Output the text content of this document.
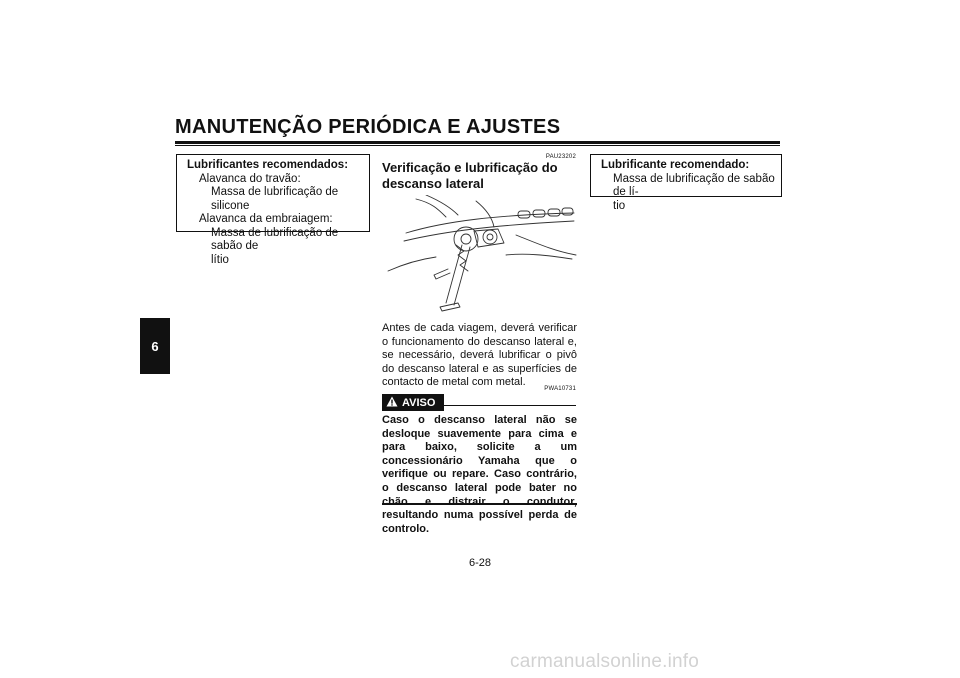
MANUTENÇÃO PERIÓDICA E AJUSTES
6
Lubrificantes recomendados:
Alavanca do travão:
Massa de lubrificação de silicone
Alavanca da embraiagem:
Massa de lubrificação de sabão de
lítio
PAU23202
Verificação e lubrificação do descanso lateral
Antes de cada viagem, deverá verificar o funcionamento do descanso lateral e, se necessário, deverá lubrificar o pivô do descanso lateral e as superfícies de contacto de metal com metal.
PWA10731
AVISO
Caso o descanso lateral não se desloque suavemente para cima e para baixo, solicite a um concessionário Yamaha que o verifique ou repare. Caso contrário, o descanso lateral pode bater no chão e distrair o condutor, resultando numa possível perda de controlo.
Lubrificante recomendado:
Massa de lubrificação de sabão de lí-
tio
6-28
carmanualsonline.info
